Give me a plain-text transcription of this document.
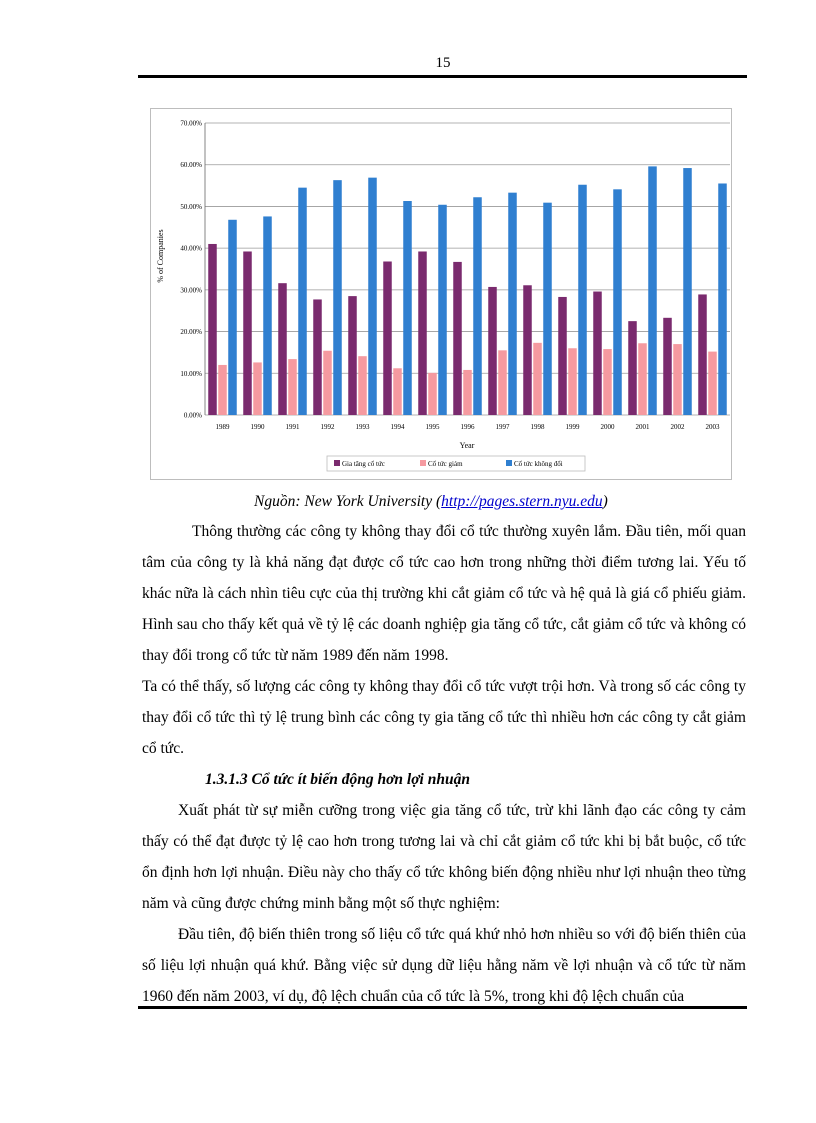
15
0.00%
10.00%
20.00%
30.00%
40.00%
50.00%
60.00%
70.00%
1989	1990	1991	1992	1993	1994	1995	1996	1997	1998	1999	2000	2001	2002	2003
% of Companies
Year
Gia tăng cổ tức	Cổ tức giảm	Cổ tức không đổi
Nguồn: New York University (http://pages.stern.nyu.edu)

Thông thường các công ty không thay đổi cổ tức thường xuyên lắm. Đầu tiên, mối quan tâm của công ty là khả năng đạt được cổ tức cao hơn trong những thời điểm tương lai. Yếu tố khác nữa là cách nhìn tiêu cực của thị trường khi cắt giảm cổ tức và hệ quả là giá cổ phiếu giảm. Hình sau cho thấy kết quả về tỷ lệ các doanh nghiệp gia tăng cổ tức, cắt giảm cổ tức và không có thay đổi trong cổ tức từ năm 1989 đến năm 1998.

Ta có thể thấy, số lượng các công ty không thay đổi cổ tức vượt trội hơn. Và trong số các công ty thay đổi cổ tức thì tỷ lệ trung bình các công ty gia tăng cổ tức thì nhiều hơn các công ty cắt giảm cổ tức.

1.3.1.3 Cổ tức ít biến động hơn lợi nhuận

Xuất phát từ sự miễn cưỡng trong việc gia tăng cổ tức, trừ khi lãnh đạo các công ty cảm thấy có thể đạt được tỷ lệ cao hơn trong tương lai và chỉ cắt giảm cổ tức khi bị bắt buộc, cổ tức ổn định hơn lợi nhuận. Điều này cho thấy cổ tức không biến động nhiều như lợi nhuận theo từng năm và cũng được chứng minh bằng một số thực nghiệm:

Đầu tiên, độ biến thiên trong số liệu cổ tức quá khứ nhỏ hơn nhiều so với độ biến thiên của số liệu lợi nhuận quá khứ. Bằng việc sử dụng dữ liệu hằng năm về lợi nhuận và cổ tức từ năm 1960 đến năm 2003, ví dụ, độ lệch chuẩn của cổ tức là 5%, trong khi độ lệch chuẩn của
